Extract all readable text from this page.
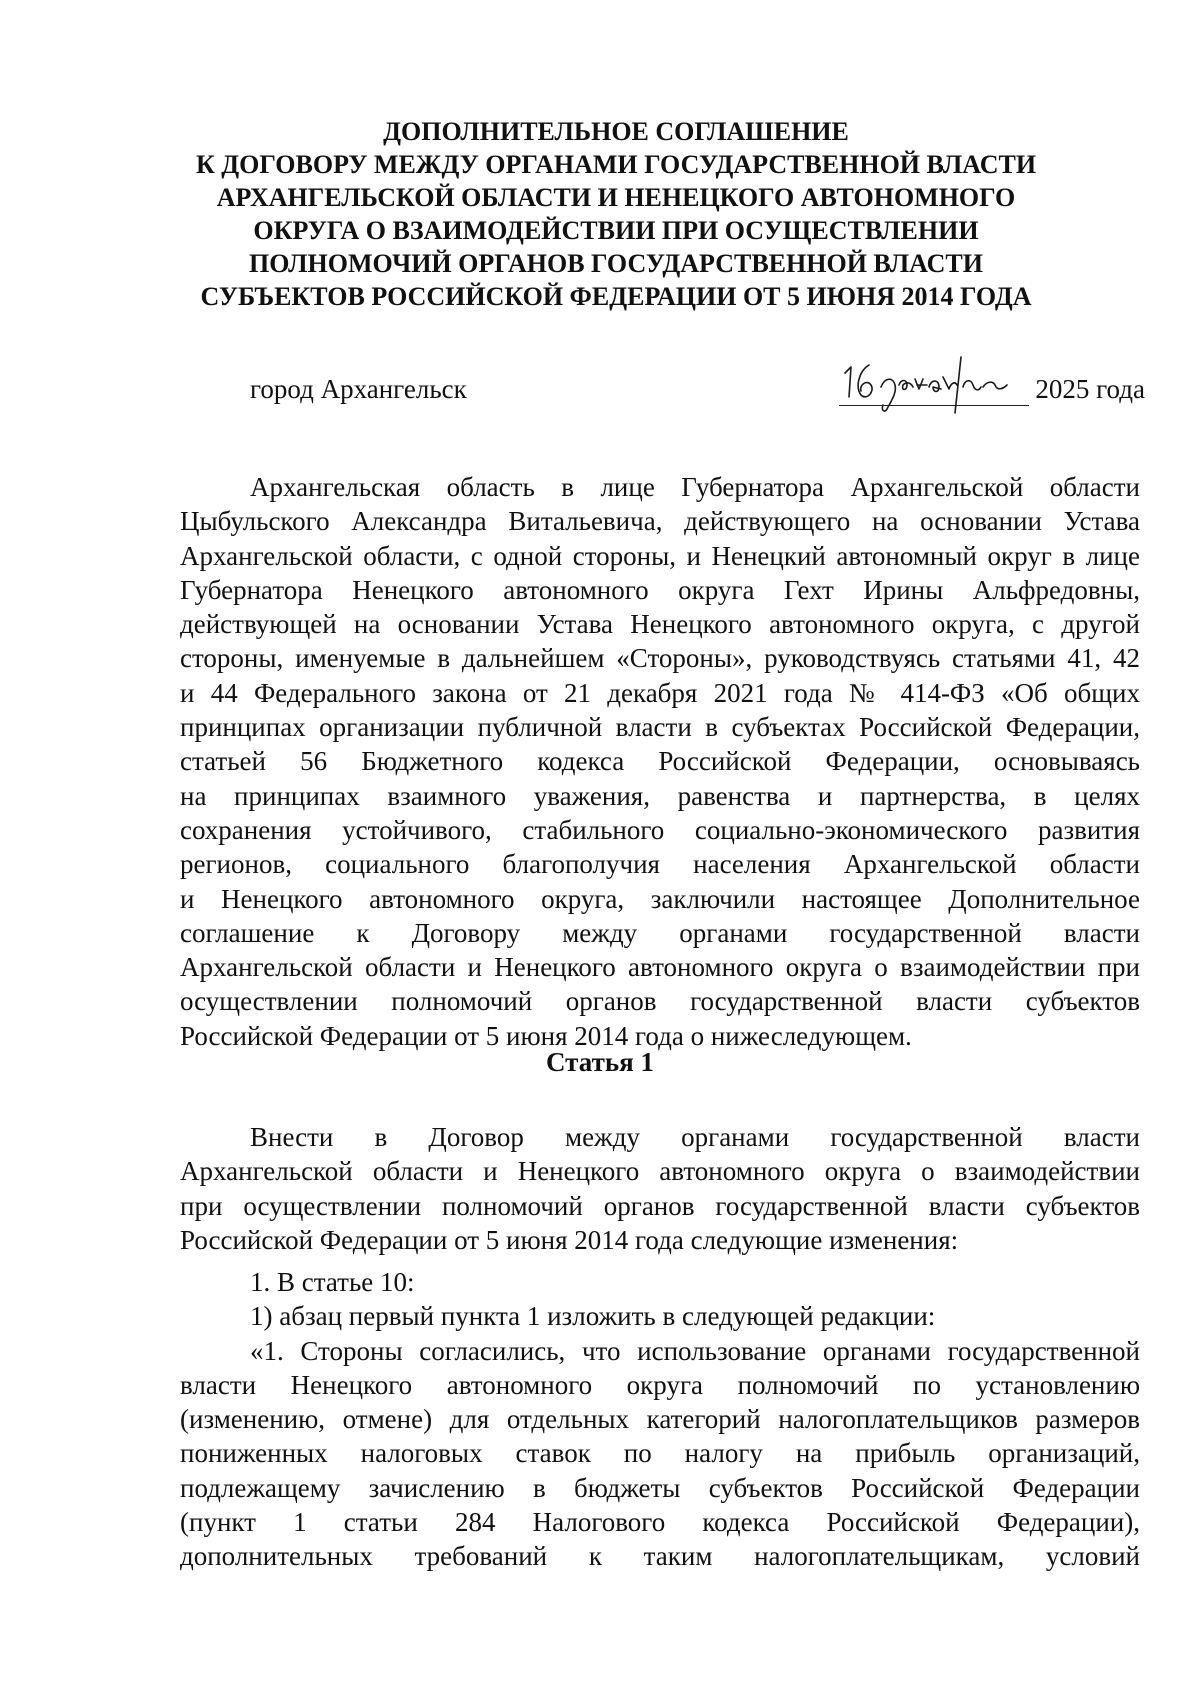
ДОПОЛНИТЕЛЬНОЕ СОГЛАШЕНИЕ
К ДОГОВОРУ МЕЖДУ ОРГАНАМИ ГОСУДАРСТВЕННОЙ ВЛАСТИ
АРХАНГЕЛЬСКОЙ ОБЛАСТИ И НЕНЕЦКОГО АВТОНОМНОГО
ОКРУГА О ВЗАИМОДЕЙСТВИИ ПРИ ОСУЩЕСТВЛЕНИИ
ПОЛНОМОЧИЙ ОРГАНОВ ГОСУДАРСТВЕННОЙ ВЛАСТИ
СУБЪЕКТОВ РОССИЙСКОЙ ФЕДЕРАЦИИ ОТ 5 ИЮНЯ 2014 ГОДА
город Архангельск	2025 года
Архангельская область в лице Губернатора Архангельской области
Цыбульского Александра Витальевича, действующего на основании Устава
Архангельской области, с одной стороны, и Ненецкий автономный округ в лице
Губернатора Ненецкого автономного округа Гехт Ирины Альфредовны,
действующей на основании Устава Ненецкого автономного округа, с другой
стороны, именуемые в дальнейшем «Стороны», руководствуясь статьями 41, 42
и 44 Федерального закона от 21 декабря 2021 года № 414-ФЗ «Об общих
принципах организации публичной власти в субъектах Российской Федерации,
статьей 56 Бюджетного кодекса Российской Федерации, основываясь
на принципах взаимного уважения, равенства и партнерства, в целях
сохранения устойчивого, стабильного социально-экономического развития
регионов, социального благополучия населения Архангельской области
и Ненецкого автономного округа, заключили настоящее Дополнительное
соглашение к Договору между органами государственной власти
Архангельской области и Ненецкого автономного округа о взаимодействии при
осуществлении полномочий органов государственной власти субъектов
Российской Федерации от 5 июня 2014 года о нижеследующем.
Статья 1
Внести в Договор между органами государственной власти
Архангельской области и Ненецкого автономного округа о взаимодействии
при осуществлении полномочий органов государственной власти субъектов
Российской Федерации от 5 июня 2014 года следующие изменения:
1. В статье 10:
1) абзац первый пункта 1 изложить в следующей редакции:
«1. Стороны согласились, что использование органами государственной
власти Ненецкого автономного округа полномочий по установлению
(изменению, отмене) для отдельных категорий налогоплательщиков размеров
пониженных налоговых ставок по налогу на прибыль организаций,
подлежащему зачислению в бюджеты субъектов Российской Федерации
(пункт 1 статьи 284 Налогового кодекса Российской Федерации),
дополнительных требований к таким налогоплательщикам, условий
